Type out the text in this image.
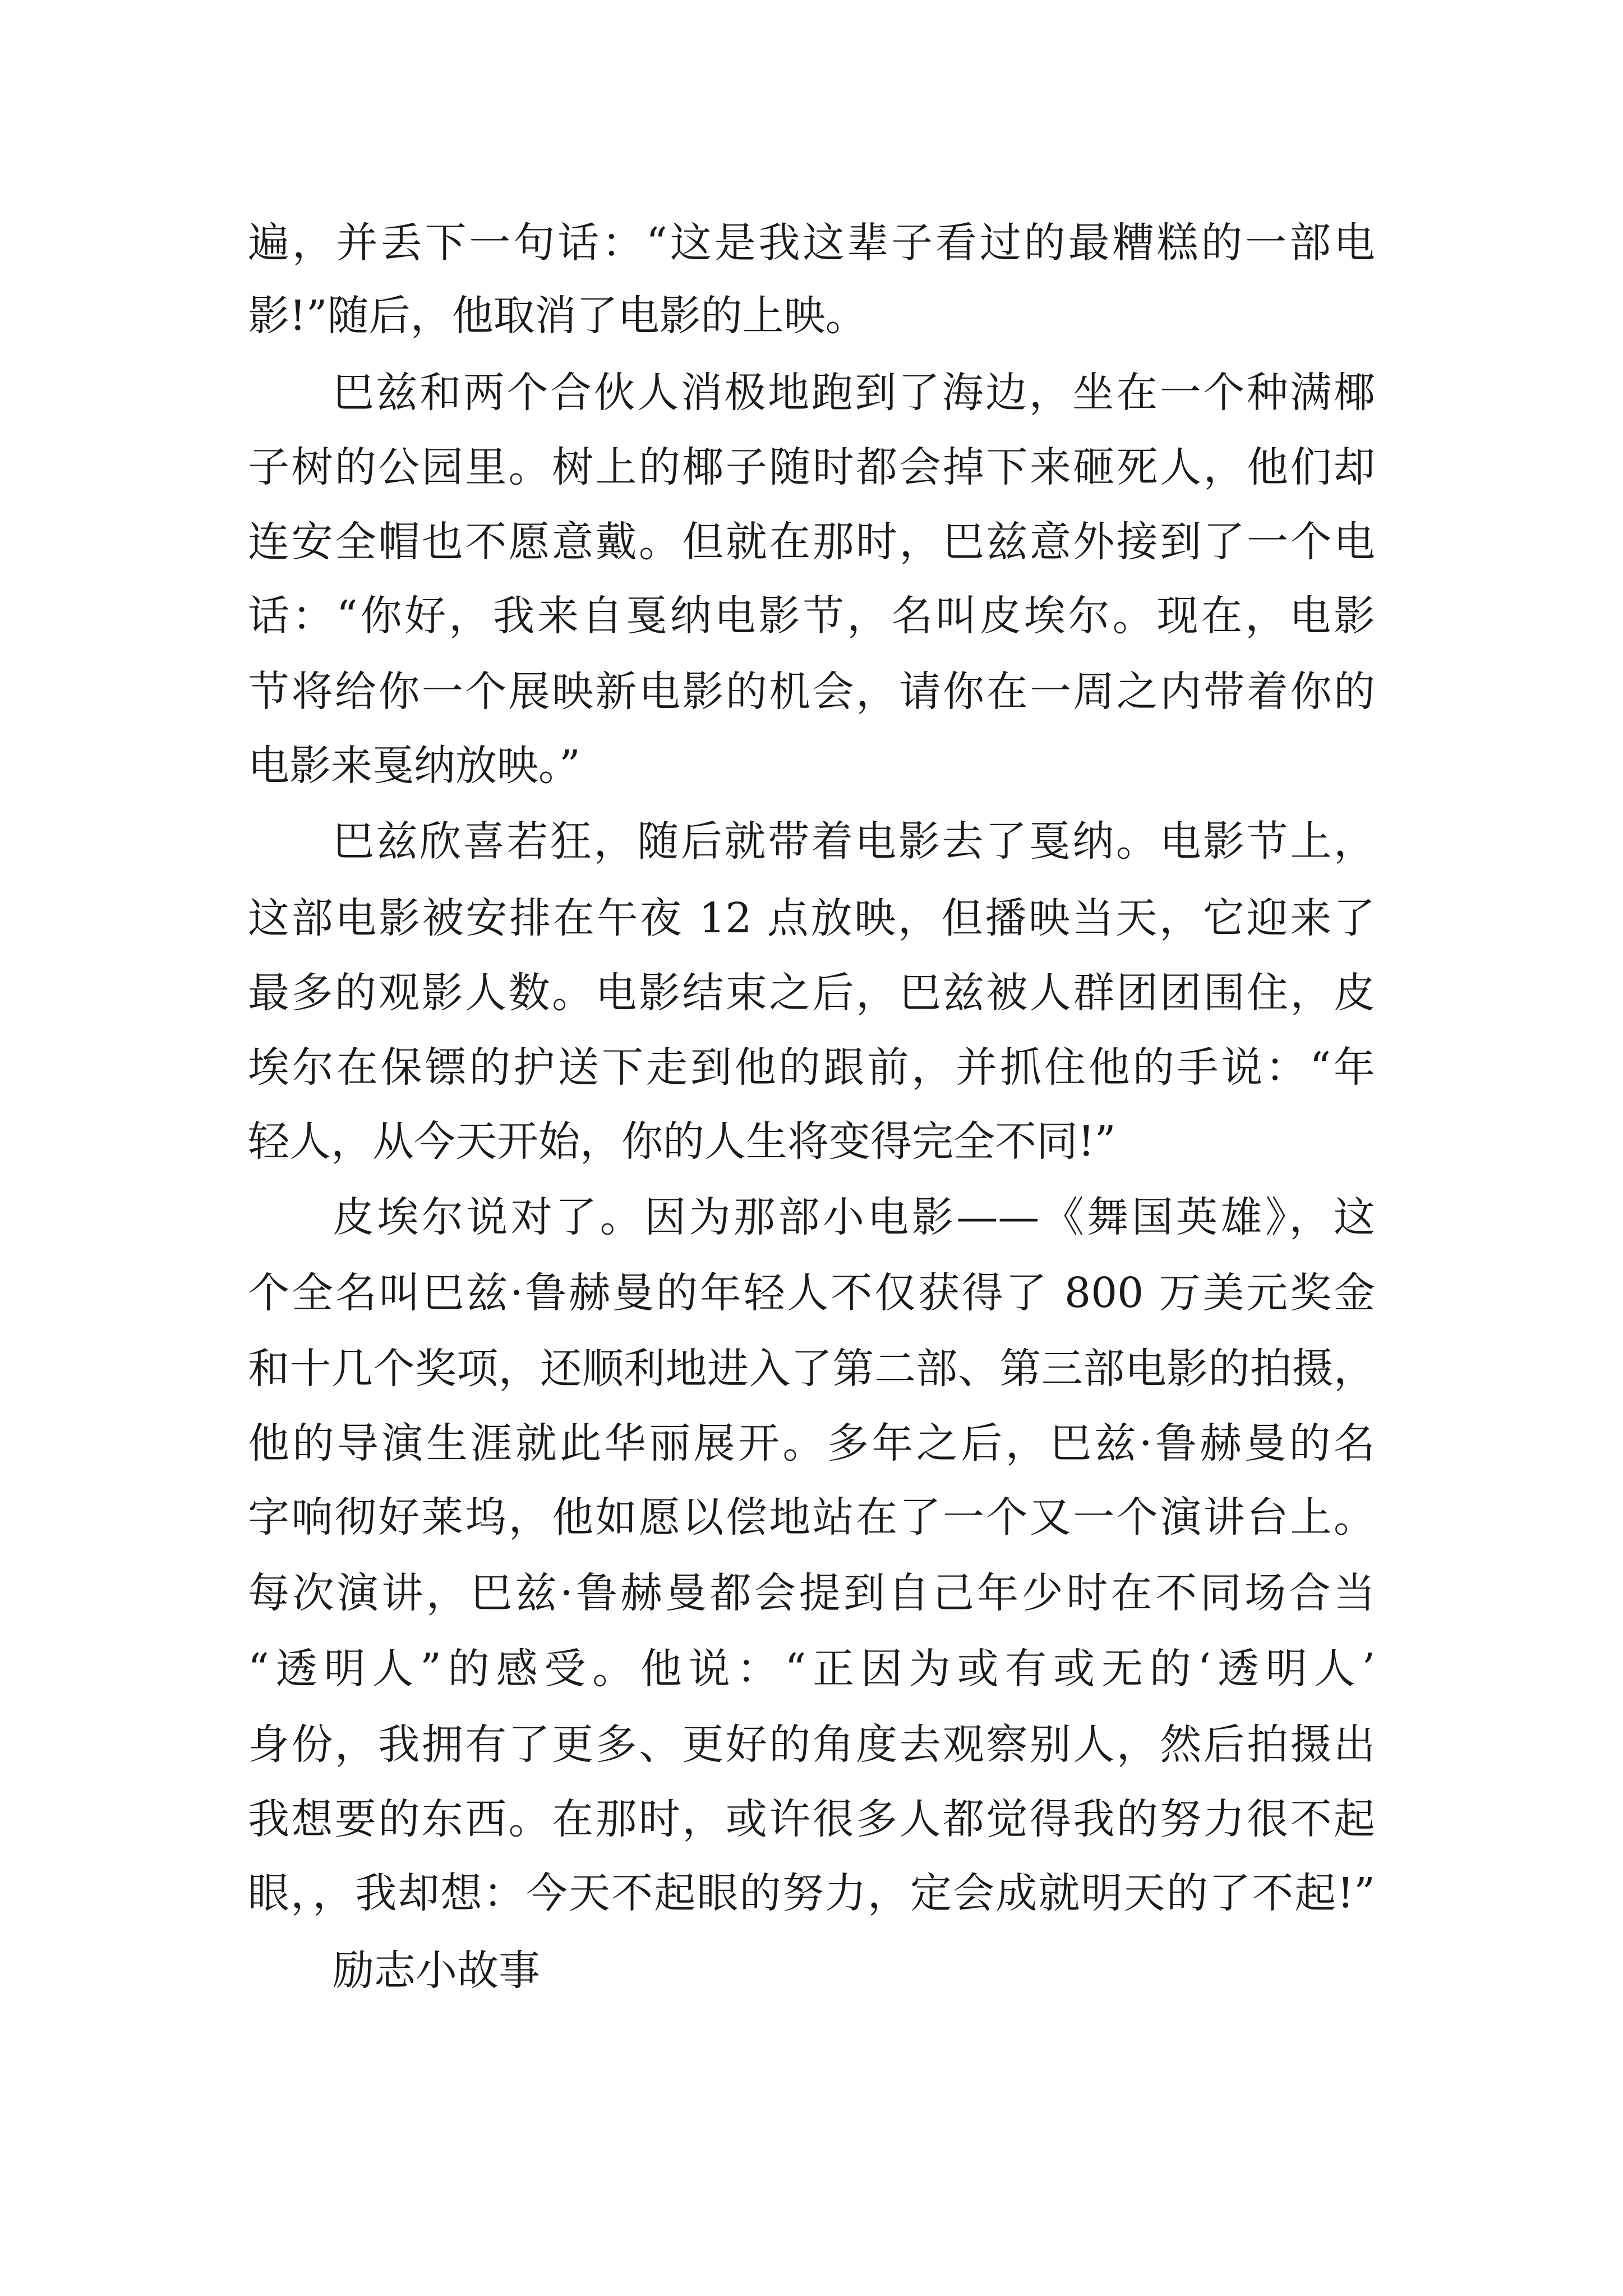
遍，并丢下一句话：“这是我这辈子看过的最糟糕的一部电
影!”随后，他取消了电影的上映。
巴兹和两个合伙人消极地跑到了海边，坐在一个种满椰
子树的公园里。树上的椰子随时都会掉下来砸死人，他们却
连安全帽也不愿意戴。但就在那时，巴兹意外接到了一个电
话：“你好，我来自戛纳电影节，名叫皮埃尔。现在，电影
节将给你一个展映新电影的机会，请你在一周之内带着你的
电影来戛纳放映。”
巴兹欣喜若狂，随后就带着电影去了戛纳。电影节上，
这部电影被安排在午夜 12 点放映，但播映当天，它迎来了
最多的观影人数。电影结束之后，巴兹被人群团团围住，皮
埃尔在保镖的护送下走到他的跟前，并抓住他的手说：“年
轻人，从今天开始，你的人生将变得完全不同!”
皮埃尔说对了。因为那部小电影——《舞国英雄》，这
个全名叫巴兹·鲁赫曼的年轻人不仅获得了 800 万美元奖金
和十几个奖项，还顺利地进入了第二部、第三部电影的拍摄，
他的导演生涯就此华丽展开。多年之后，巴兹·鲁赫曼的名
字响彻好莱坞，他如愿以偿地站在了一个又一个演讲台上。
每次演讲，巴兹·鲁赫曼都会提到自己年少时在不同场合当
“透明人”的感受。他说：“正因为或有或无的‘透明人’
身份，我拥有了更多、更好的角度去观察别人，然后拍摄出
我想要的东西。在那时，或许很多人都觉得我的努力很不起
眼，，我却想：今天不起眼的努力，定会成就明天的了不起!”
励志小故事
